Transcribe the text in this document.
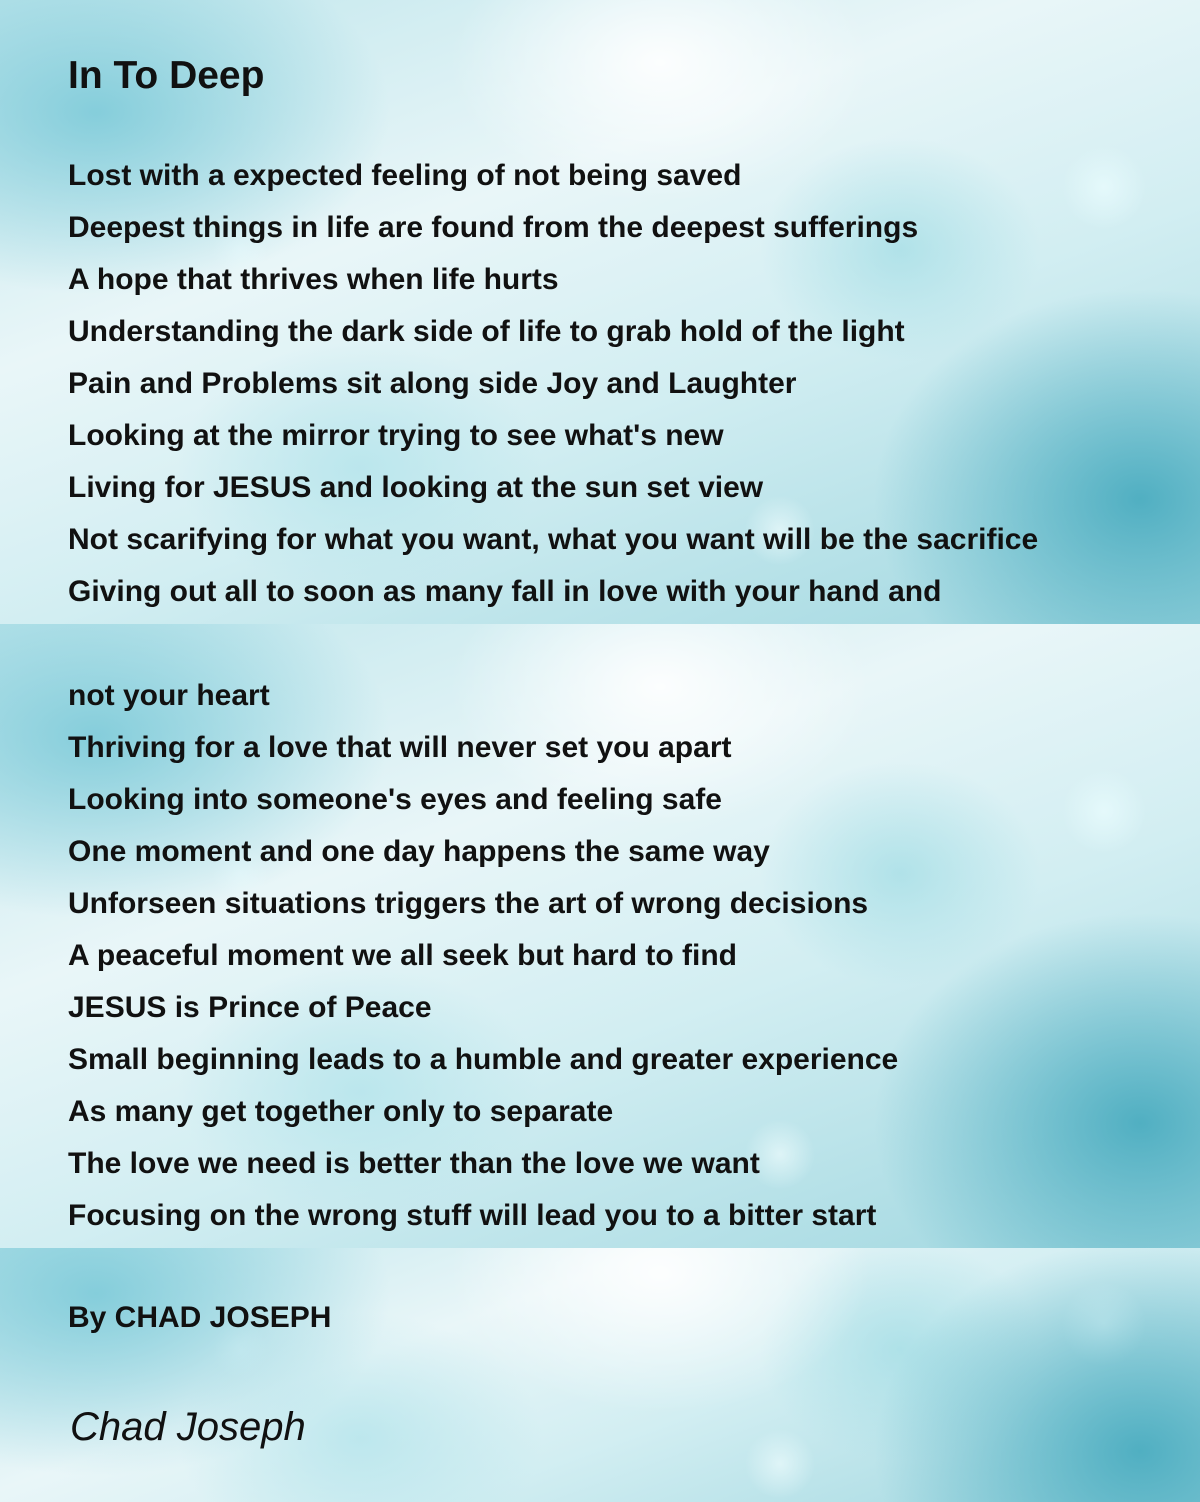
In To Deep
Lost with a expected feeling of not being saved
Deepest things in life are found from the deepest sufferings
A hope that thrives when life hurts
Understanding the dark side of life to grab hold of the light
Pain and Problems sit along side Joy and Laughter
Looking at the mirror trying to see what's new
Living for JESUS and looking at the sun set view
Not scarifying for what you want, what you want will be the sacrifice
Giving out all to soon as many fall in love with your hand and
not your heart
Thriving for a love that will never set you apart
Looking into someone's eyes and feeling safe
One moment and one day happens the same way
Unforseen situations triggers the art of wrong decisions
A peaceful moment we all seek but hard to find
JESUS is Prince of Peace
Small beginning leads to a humble and greater experience
As many get together only to separate
The love we need is better than the love we want
Focusing on the wrong stuff will lead you to a bitter start

By CHAD JOSEPH

Chad Joseph
